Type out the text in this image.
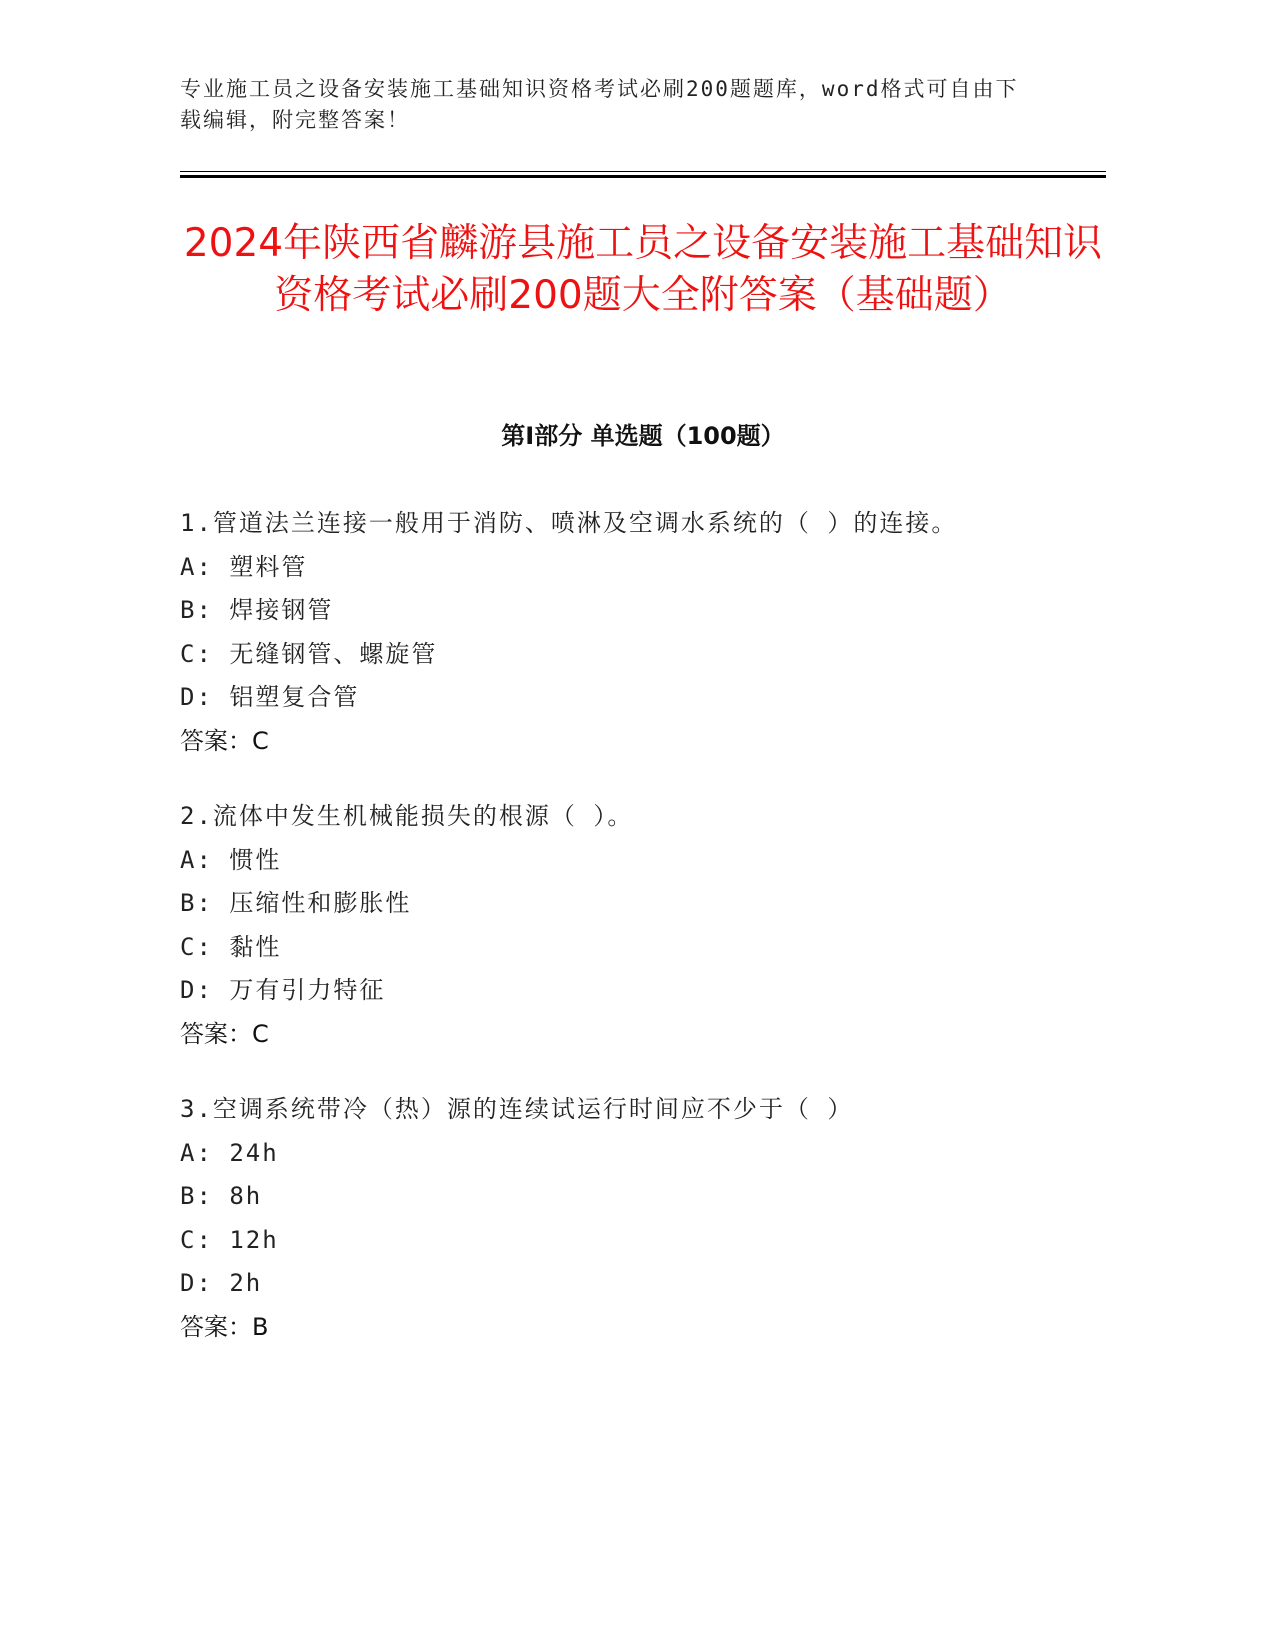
专业施工员之设备安装施工基础知识资格考试必刷200题题库，word格式可自由下载编辑，附完整答案！
2024年陕西省麟游县施工员之设备安装施工基础知识资格考试必刷200题大全附答案（基础题）
第I部分 单选题（100题）
1.管道法兰连接一般用于消防、喷淋及空调水系统的（ ）的连接。
A: 塑料管
B: 焊接钢管
C: 无缝钢管、螺旋管
D: 铝塑复合管
答案：C
2.流体中发生机械能损失的根源（ ）。
A: 惯性
B: 压缩性和膨胀性
C: 黏性
D: 万有引力特征
答案：C
3.空调系统带冷（热）源的连续试运行时间应不少于（ ）
A: 24h
B: 8h
C: 12h
D: 2h
答案：B
